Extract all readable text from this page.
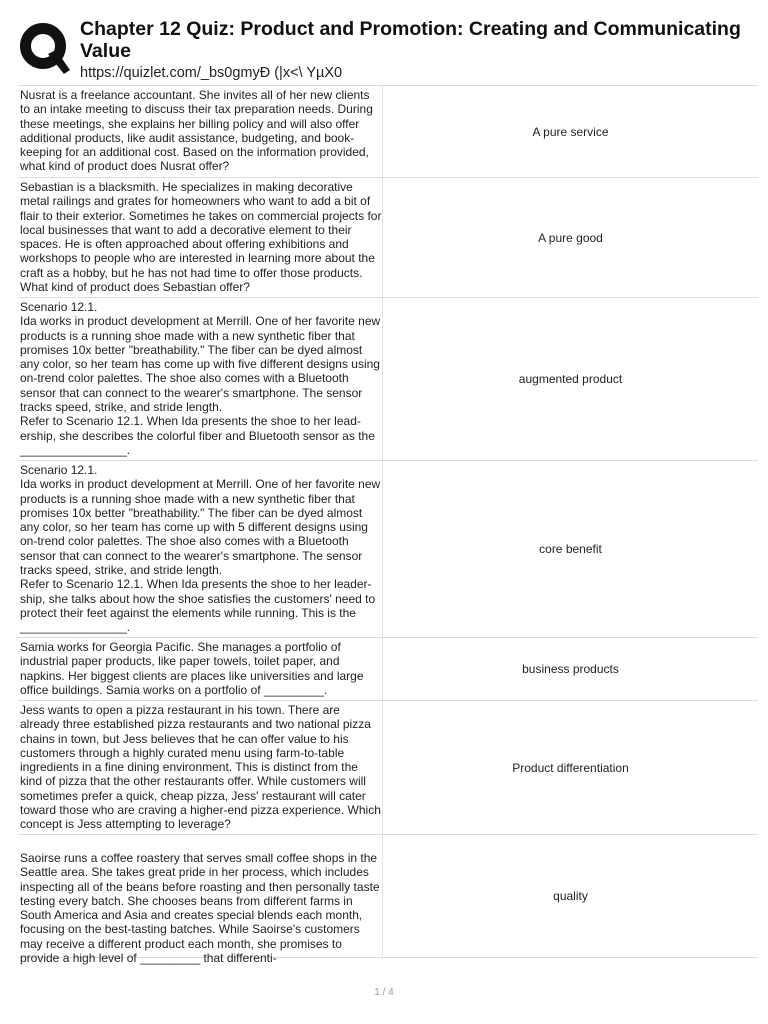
Chapter 12 Quiz: Product and Promotion: Creating and Communicating Value
https://quizlet.com/_bs0gmyÐ (|x<\ YµX0
Nusrat is a freelance accountant. She invites all of her new clients to an intake meeting to discuss their tax preparation needs. During these meetings, she explains her billing policy and will also offer additional products, like audit assistance, budgeting, and book-keeping for an additional cost. Based on the information provided, what kind of product does Nusrat offer?
A pure service
Sebastian is a blacksmith. He specializes in making decorative metal railings and grates for homeowners who want to add a bit of flair to their exterior. Sometimes he takes on commercial projects for local businesses that want to add a decorative element to their spaces. He is often approached about offering exhibitions and workshops to people who are interested in learning more about the craft as a hobby, but he has not had time to offer those products. What kind of product does Sebastian offer?
A pure good
Scenario 12.1.
Ida works in product development at Merrill. One of her favorite new products is a running shoe made with a new synthetic fiber that promises 10x better "breathability." The fiber can be dyed almost any color, so her team has come up with five different designs using on-trend color palettes. The shoe also comes with a Bluetooth sensor that can connect to the wearer's smartphone. The sensor tracks speed, strike, and stride length.
Refer to Scenario 12.1. When Ida presents the shoe to her lead-ership, she describes the colorful fiber and Bluetooth sensor as the ________________.
augmented product
Scenario 12.1.
Ida works in product development at Merrill. One of her favorite new products is a running shoe made with a new synthetic fiber that promises 10x better "breathability." The fiber can be dyed almost any color, so her team has come up with 5 different designs using on-trend color palettes. The shoe also comes with a Bluetooth sensor that can connect to the wearer's smartphone. The sensor tracks speed, strike, and stride length.
Refer to Scenario 12.1. When Ida presents the shoe to her leader-ship, she talks about how the shoe satisfies the customers' need to protect their feet against the elements while running. This is the ________________.
core benefit
Samia works for Georgia Pacific. She manages a portfolio of industrial paper products, like paper towels, toilet paper, and napkins. Her biggest clients are places like universities and large office buildings. Samia works on a portfolio of _________.
business products
Jess wants to open a pizza restaurant in his town. There are already three established pizza restaurants and two national pizza chains in town, but Jess believes that he can offer value to his customers through a highly curated menu using farm-to-table ingredients in a fine dining environment. This is distinct from the kind of pizza that the other restaurants offer. While customers will sometimes prefer a quick, cheap pizza, Jess' restaurant will cater toward those who are craving a higher-end pizza experience. Which concept is Jess attempting to leverage?
Product differentiation
Saoirse runs a coffee roastery that serves small coffee shops in the Seattle area. She takes great pride in her process, which includes inspecting all of the beans before roasting and then personally taste testing every batch. She chooses beans from different farms in South America and Asia and creates special blends each month, focusing on the best-tasting batches. While Saoirse's customers may receive a different product each month, she promises to provide a high level of _________ that differenti-
quality
1 / 4
